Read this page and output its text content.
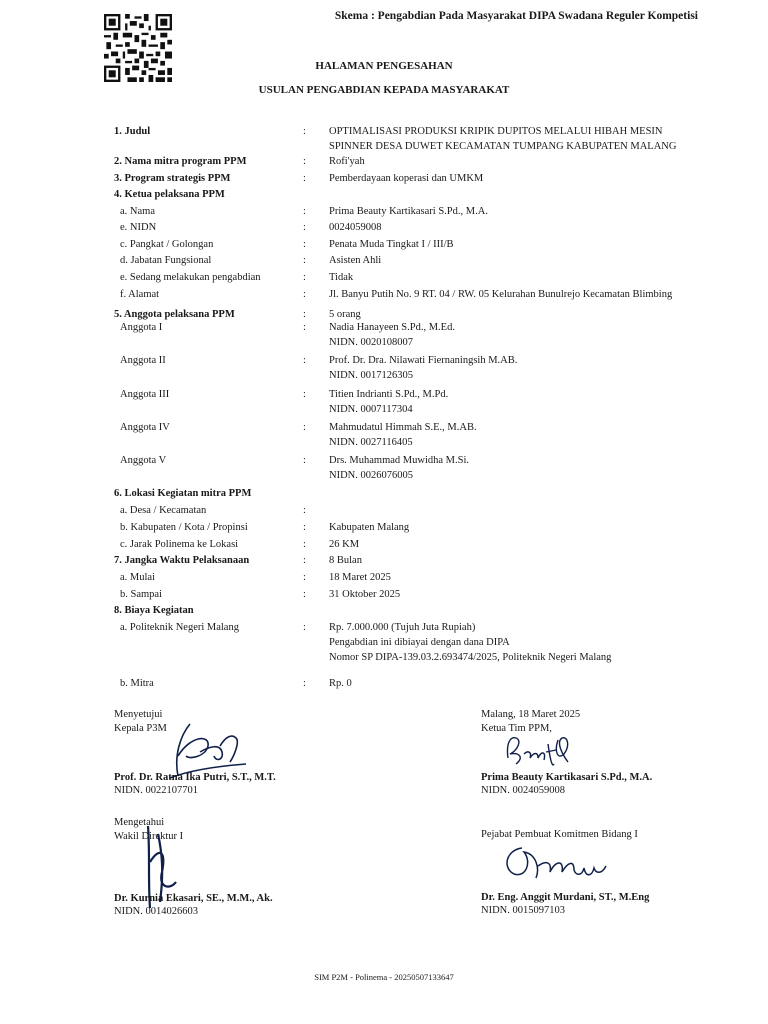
Skema : Pengabdian Pada Masyarakat DIPA Swadana Reguler Kompetisi
HALAMAN PENGESAHAN
USULAN PENGABDIAN KEPADA MASYARAKAT
1. Judul	: OPTIMALISASI PRODUKSI KRIPIK DUPITOS MELALUI HIBAH MESIN
SPINNER DESA DUWET KECAMATAN TUMPANG KABUPATEN MALANG
2. Nama mitra program PPM	: Rofi'yah
3. Program strategis PPM	: Pemberdayaan koperasi dan UMKM
4. Ketua pelaksana PPM
a. Nama	: Prima Beauty Kartikasari S.Pd., M.A.
e. NIDN	: 0024059008
c. Pangkat / Golongan	: Penata Muda Tingkat I / III/B
d. Jabatan Fungsional	: Asisten Ahli
e. Sedang melakukan pengabdian	: Tidak
f. Alamat	: Jl. Banyu Putih No. 9 RT. 04 / RW. 05 Kelurahan Bunulrejo Kecamatan Blimbing
5. Anggota pelaksana PPM	: 5 orang
Anggota I	: Nadia Hanayeen S.Pd., M.Ed.
NIDN. 0020108007
Anggota II	: Prof. Dr. Dra. Nilawati Fiernaningsih M.AB.
NIDN. 0017126305
Anggota III	: Titien Indrianti S.Pd., M.Pd.
NIDN. 0007117304
Anggota IV	: Mahmudatul Himmah S.E., M.AB.
NIDN. 0027116405
Anggota V	: Drs. Muhammad Muwidha M.Si.
NIDN. 0026076005
6. Lokasi Kegiatan mitra PPM
a. Desa / Kecamatan	:
b. Kabupaten / Kota / Propinsi	: Kabupaten Malang
c. Jarak Polinema ke Lokasi	: 26 KM
7. Jangka Waktu Pelaksanaan	: 8 Bulan
a. Mulai	: 18 Maret 2025
b. Sampai	: 31 Oktober 2025
8. Biaya Kegiatan
a. Politeknik Negeri Malang	: Rp. 7.000.000 (Tujuh Juta Rupiah)
Pengabdian ini dibiayai dengan dana DIPA
Nomor SP DIPA-139.03.2.693474/2025, Politeknik Negeri Malang
b. Mitra	: Rp. 0
Menyetujui
Kepala P3M
Prof. Dr. Ratna Ika Putri, S.T., M.T.
NIDN. 0022107701
Malang, 18 Maret 2025
Ketua Tim PPM,
Prima Beauty Kartikasari S.Pd., M.A.
NIDN. 0024059008
Mengetahui
Wakil Direktur I
Dr. Kurnia Ekasari, SE., M.M., Ak.
NIDN. 0014026603
Pejabat Pembuat Komitmen Bidang I
Dr. Eng. Anggit Murdani, ST., M.Eng
NIDN. 0015097103
SIM P2M - Polinema - 20250507133647
